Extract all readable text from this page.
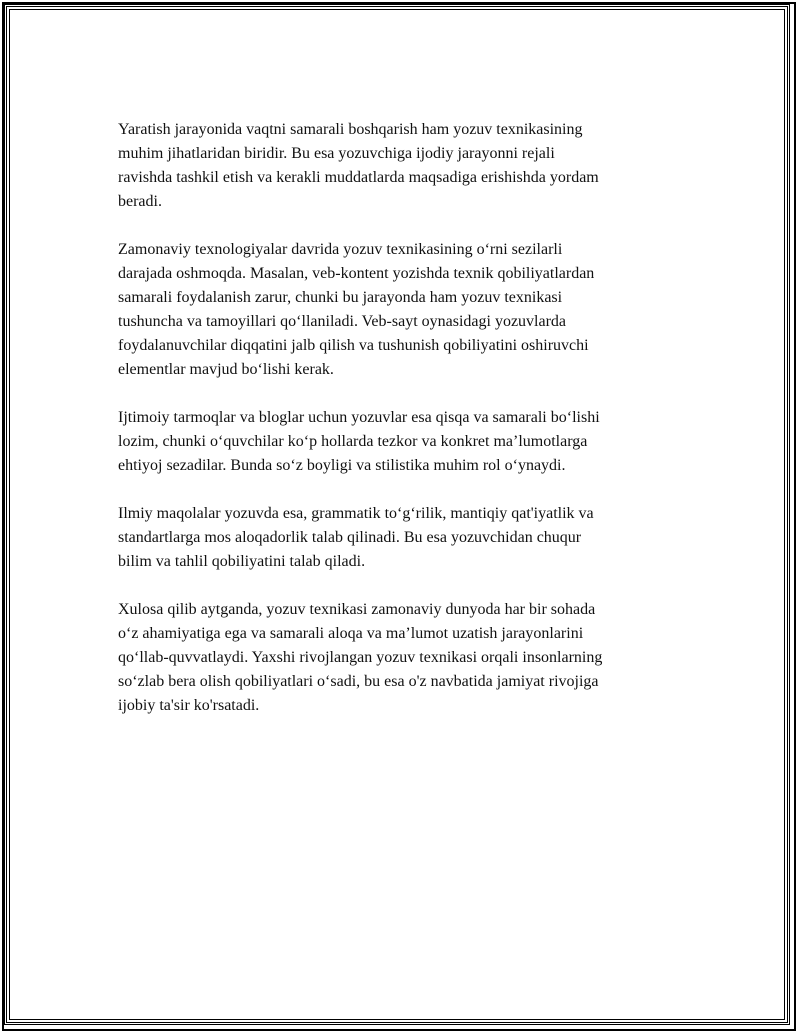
Yaratish jarayonida vaqtni samarali boshqarish ham yozuv texnikasining
muhim jihatlaridan biridir. Bu esa yozuvchiga ijodiy jarayonni rejali
ravishda tashkil etish va kerakli muddatlarda maqsadiga erishishda yordam
beradi.

Zamonaviy texnologiyalar davrida yozuv texnikasining o‘rni sezilarli
darajada oshmoqda. Masalan, veb-kontent yozishda texnik qobiliyatlardan
samarali foydalanish zarur, chunki bu jarayonda ham yozuv texnikasi
tushuncha va tamoyillari qo‘llaniladi. Veb-sayt oynasidagi yozuvlarda
foydalanuvchilar diqqatini jalb qilish va tushunish qobiliyatini oshiruvchi
elementlar mavjud bo‘lishi kerak.

Ijtimoiy tarmoqlar va bloglar uchun yozuvlar esa qisqa va samarali bo‘lishi
lozim, chunki o‘quvchilar ko‘p hollarda tezkor va konkret ma’lumotlarga
ehtiyoj sezadilar. Bunda so‘z boyligi va stilistika muhim rol o‘ynaydi.

Ilmiy maqolalar yozuvda esa, grammatik to‘g‘rilik, mantiqiy qat'iyatlik va
standartlarga mos aloqadorlik talab qilinadi. Bu esa yozuvchidan chuqur
bilim va tahlil qobiliyatini talab qiladi.

Xulosa qilib aytganda, yozuv texnikasi zamonaviy dunyoda har bir sohada
o‘z ahamiyatiga ega va samarali aloqa va ma’lumot uzatish jarayonlarini
qo‘llab-quvvatlaydi. Yaxshi rivojlangan yozuv texnikasi orqali insonlarning
so‘zlab bera olish qobiliyatlari o‘sadi, bu esa o'z navbatida jamiyat rivojiga
ijobiy ta'sir ko'rsatadi.
